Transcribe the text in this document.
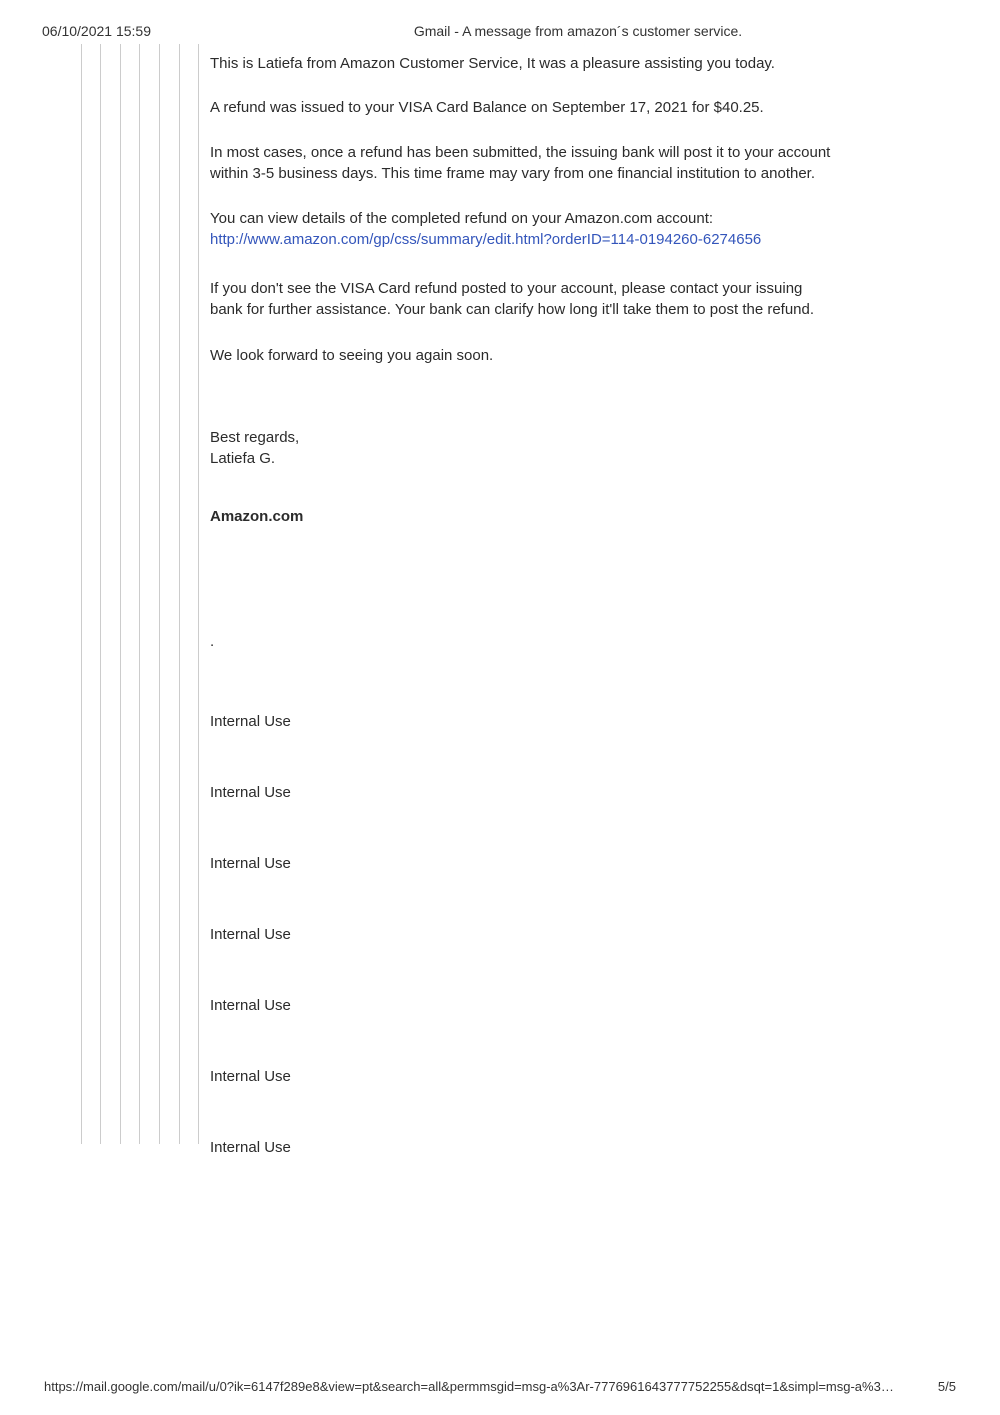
06/10/2021 15:59	Gmail - A message from amazon´s customer service.

This is Latiefa from Amazon Customer Service, It was a pleasure assisting you today.

A refund was issued to your VISA Card Balance on September 17, 2021 for $40.25.

In most cases, once a refund has been submitted, the issuing bank will post it to your account
within 3-5 business days. This time frame may vary from one financial institution to another.

You can view details of the completed refund on your Amazon.com account:
http://www.amazon.com/gp/css/summary/edit.html?orderID=114-0194260-6274656

If you don't see the VISA Card refund posted to your account, please contact your issuing
bank for further assistance. Your bank can clarify how long it'll take them to post the refund.

We look forward to seeing you again soon.

Best regards,
Latiefa G.

Amazon.com

.

Internal Use

Internal Use

Internal Use

Internal Use

Internal Use

Internal Use

Internal Use

https://mail.google.com/mail/u/0?ik=6147f289e8&view=pt&search=all&permmsgid=msg-a%3Ar-7776961643777752255&dsqt=1&simpl=msg-a%3…	5/5
